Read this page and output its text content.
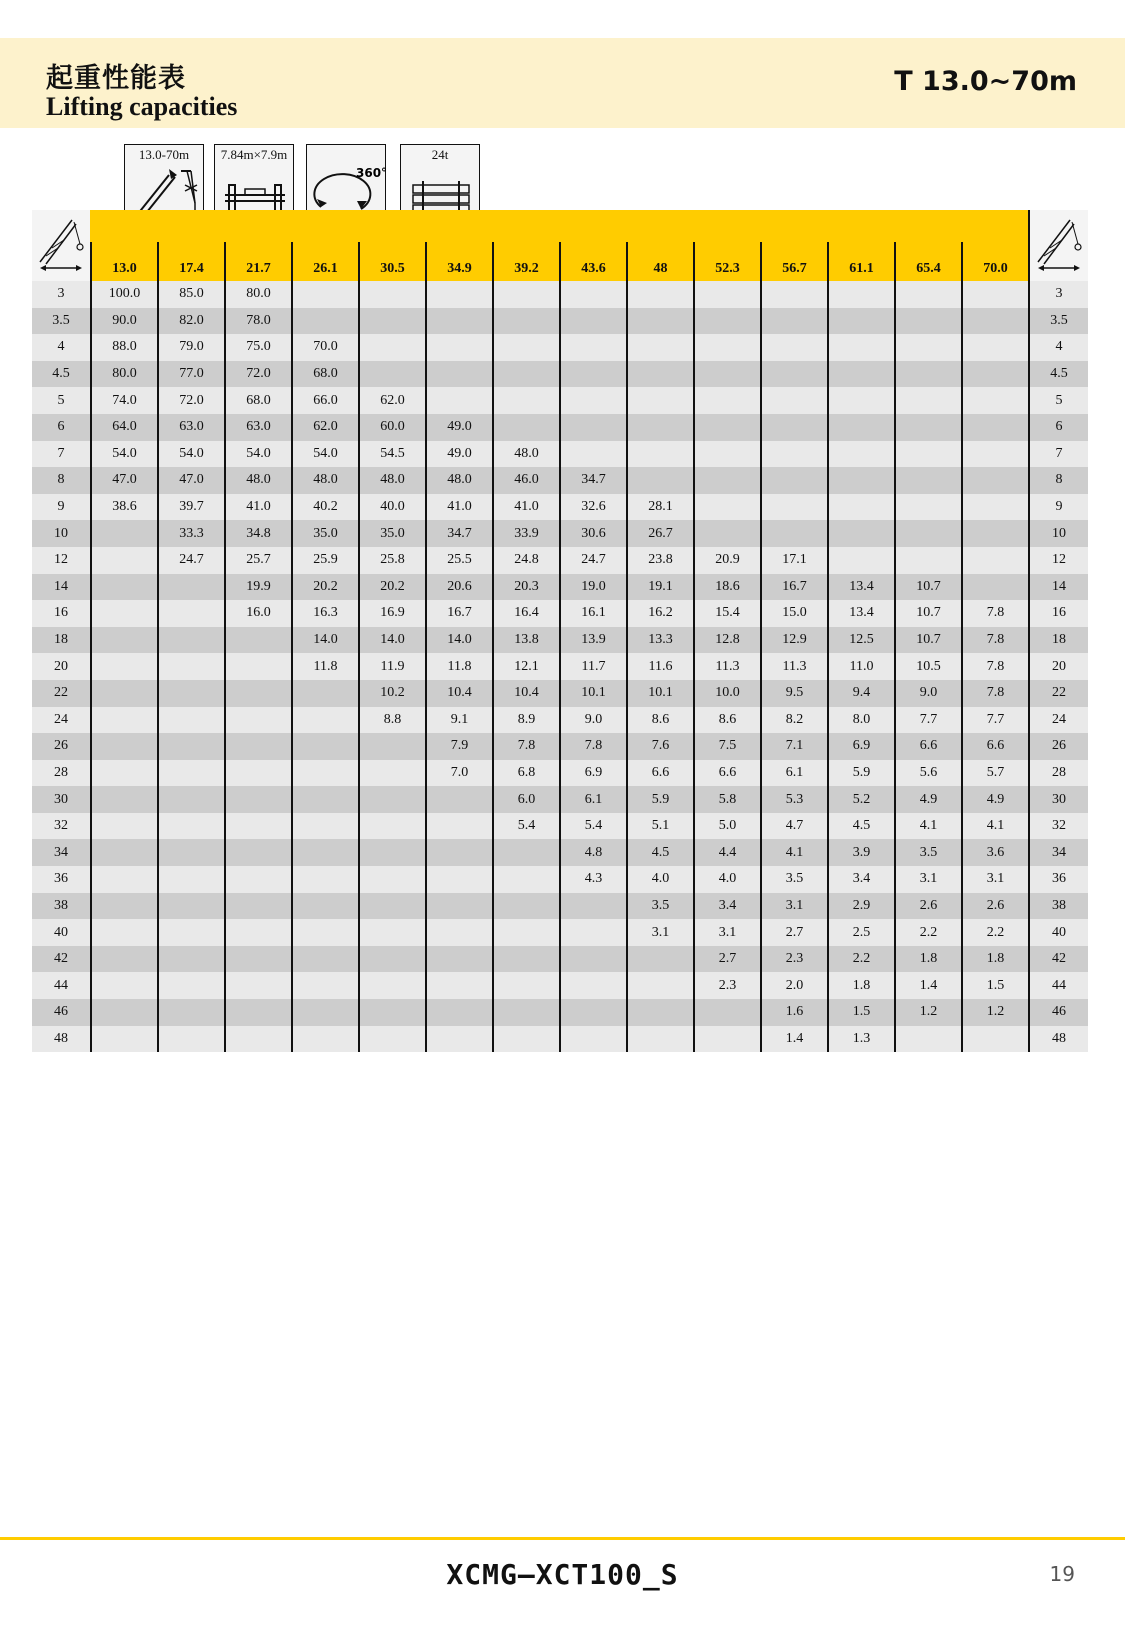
起重性能表
Lifting capacities
T 13.0~70m
13.0-70m	7.84m×7.9m
360°
24t
	13.0	17.4	21.7	26.1	30.5	34.9	39.2	43.6	48	52.3	56.7	61.1	65.4	70.0	
3	100.0	85.0	80.0												3
3.5	90.0	82.0	78.0												3.5
4	88.0	79.0	75.0	70.0											4
4.5	80.0	77.0	72.0	68.0											4.5
5	74.0	72.0	68.0	66.0	62.0										5
6	64.0	63.0	63.0	62.0	60.0	49.0									6
7	54.0	54.0	54.0	54.0	54.5	49.0	48.0								7
8	47.0	47.0	48.0	48.0	48.0	48.0	46.0	34.7							8
9	38.6	39.7	41.0	40.2	40.0	41.0	41.0	32.6	28.1						9
10		33.3	34.8	35.0	35.0	34.7	33.9	30.6	26.7						10
12		24.7	25.7	25.9	25.8	25.5	24.8	24.7	23.8	20.9	17.1				12
14			19.9	20.2	20.2	20.6	20.3	19.0	19.1	18.6	16.7	13.4	10.7		14
16			16.0	16.3	16.9	16.7	16.4	16.1	16.2	15.4	15.0	13.4	10.7	7.8	16
18				14.0	14.0	14.0	13.8	13.9	13.3	12.8	12.9	12.5	10.7	7.8	18
20				11.8	11.9	11.8	12.1	11.7	11.6	11.3	11.3	11.0	10.5	7.8	20
22					10.2	10.4	10.4	10.1	10.1	10.0	9.5	9.4	9.0	7.8	22
24					8.8	9.1	8.9	9.0	8.6	8.6	8.2	8.0	7.7	7.7	24
26						7.9	7.8	7.8	7.6	7.5	7.1	6.9	6.6	6.6	26
28						7.0	6.8	6.9	6.6	6.6	6.1	5.9	5.6	5.7	28
30							6.0	6.1	5.9	5.8	5.3	5.2	4.9	4.9	30
32							5.4	5.4	5.1	5.0	4.7	4.5	4.1	4.1	32
34								4.8	4.5	4.4	4.1	3.9	3.5	3.6	34
36								4.3	4.0	4.0	3.5	3.4	3.1	3.1	36
38									3.5	3.4	3.1	2.9	2.6	2.6	38
40									3.1	3.1	2.7	2.5	2.2	2.2	40
42										2.7	2.3	2.2	1.8	1.8	42
44										2.3	2.0	1.8	1.4	1.5	44
46											1.6	1.5	1.2	1.2	46
48											1.4	1.3			48
XCMG—XCT100_S	19
